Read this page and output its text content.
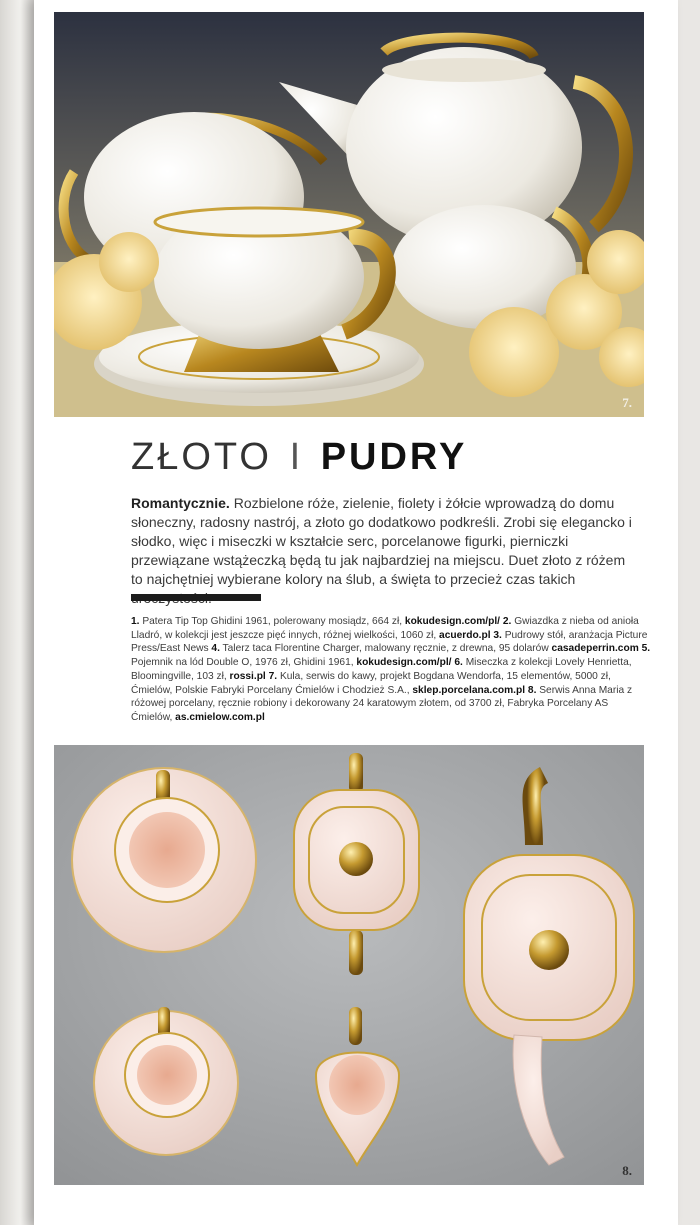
7.
ZŁOTO I PUDRY

Romantycznie. Rozbielone róże, zielenie, fiolety i żółcie wprowadzą do domu słoneczny, radosny nastrój, a złoto go dodatkowo podkreśli. Zrobi się elegancko i słodko, więc i miseczki w kształcie serc, porcelanowe figurki, pierniczki przewiązane wstążeczką będą tu jak najbardziej na miejscu. Duet złoto z różem to najchętniej wybierane kolory na ślub, a święta to przecież czas takich

1. Patera Tip Top Ghidini 1961, polerowany mosiądz, 664 zł, kokudesign.com/pl/ 2. Gwiazdka z nieba od anioła Lladró, w kolekcji jest jeszcze pięć innych, różnej wielkości, 1060 zł, acuerdo.pl 3. Pudrowy stół, aranżacja Picture Press/East News 4. Talerz taca Florentine Charger, malowany ręcznie, z drewna, 95 dolarów casadeperrin.com 5. Pojemnik na lód Double O, 1976 zł, Ghidini 1961, kokudesign.com/pl/ 6. Miseczka z kolekcji Lovely Henrietta, Bloomingville, 103 zł, rossi.pl 7. Kula, serwis do kawy, projekt Bogdana Wendorfa, 15 elementów, 5000 zł, Ćmielów, Polskie Fabryki Porcelany Ćmielów i Chodzież S.A., sklep.porcelana.com.pl 8. Serwis Anna Maria z różowej porcelany, ręcznie robiony i dekorowany 24 karatowym złotem, od 3700 zł, Fabryka Porcelany AS Ćmielów, as.cmielow.com.pl

8.
